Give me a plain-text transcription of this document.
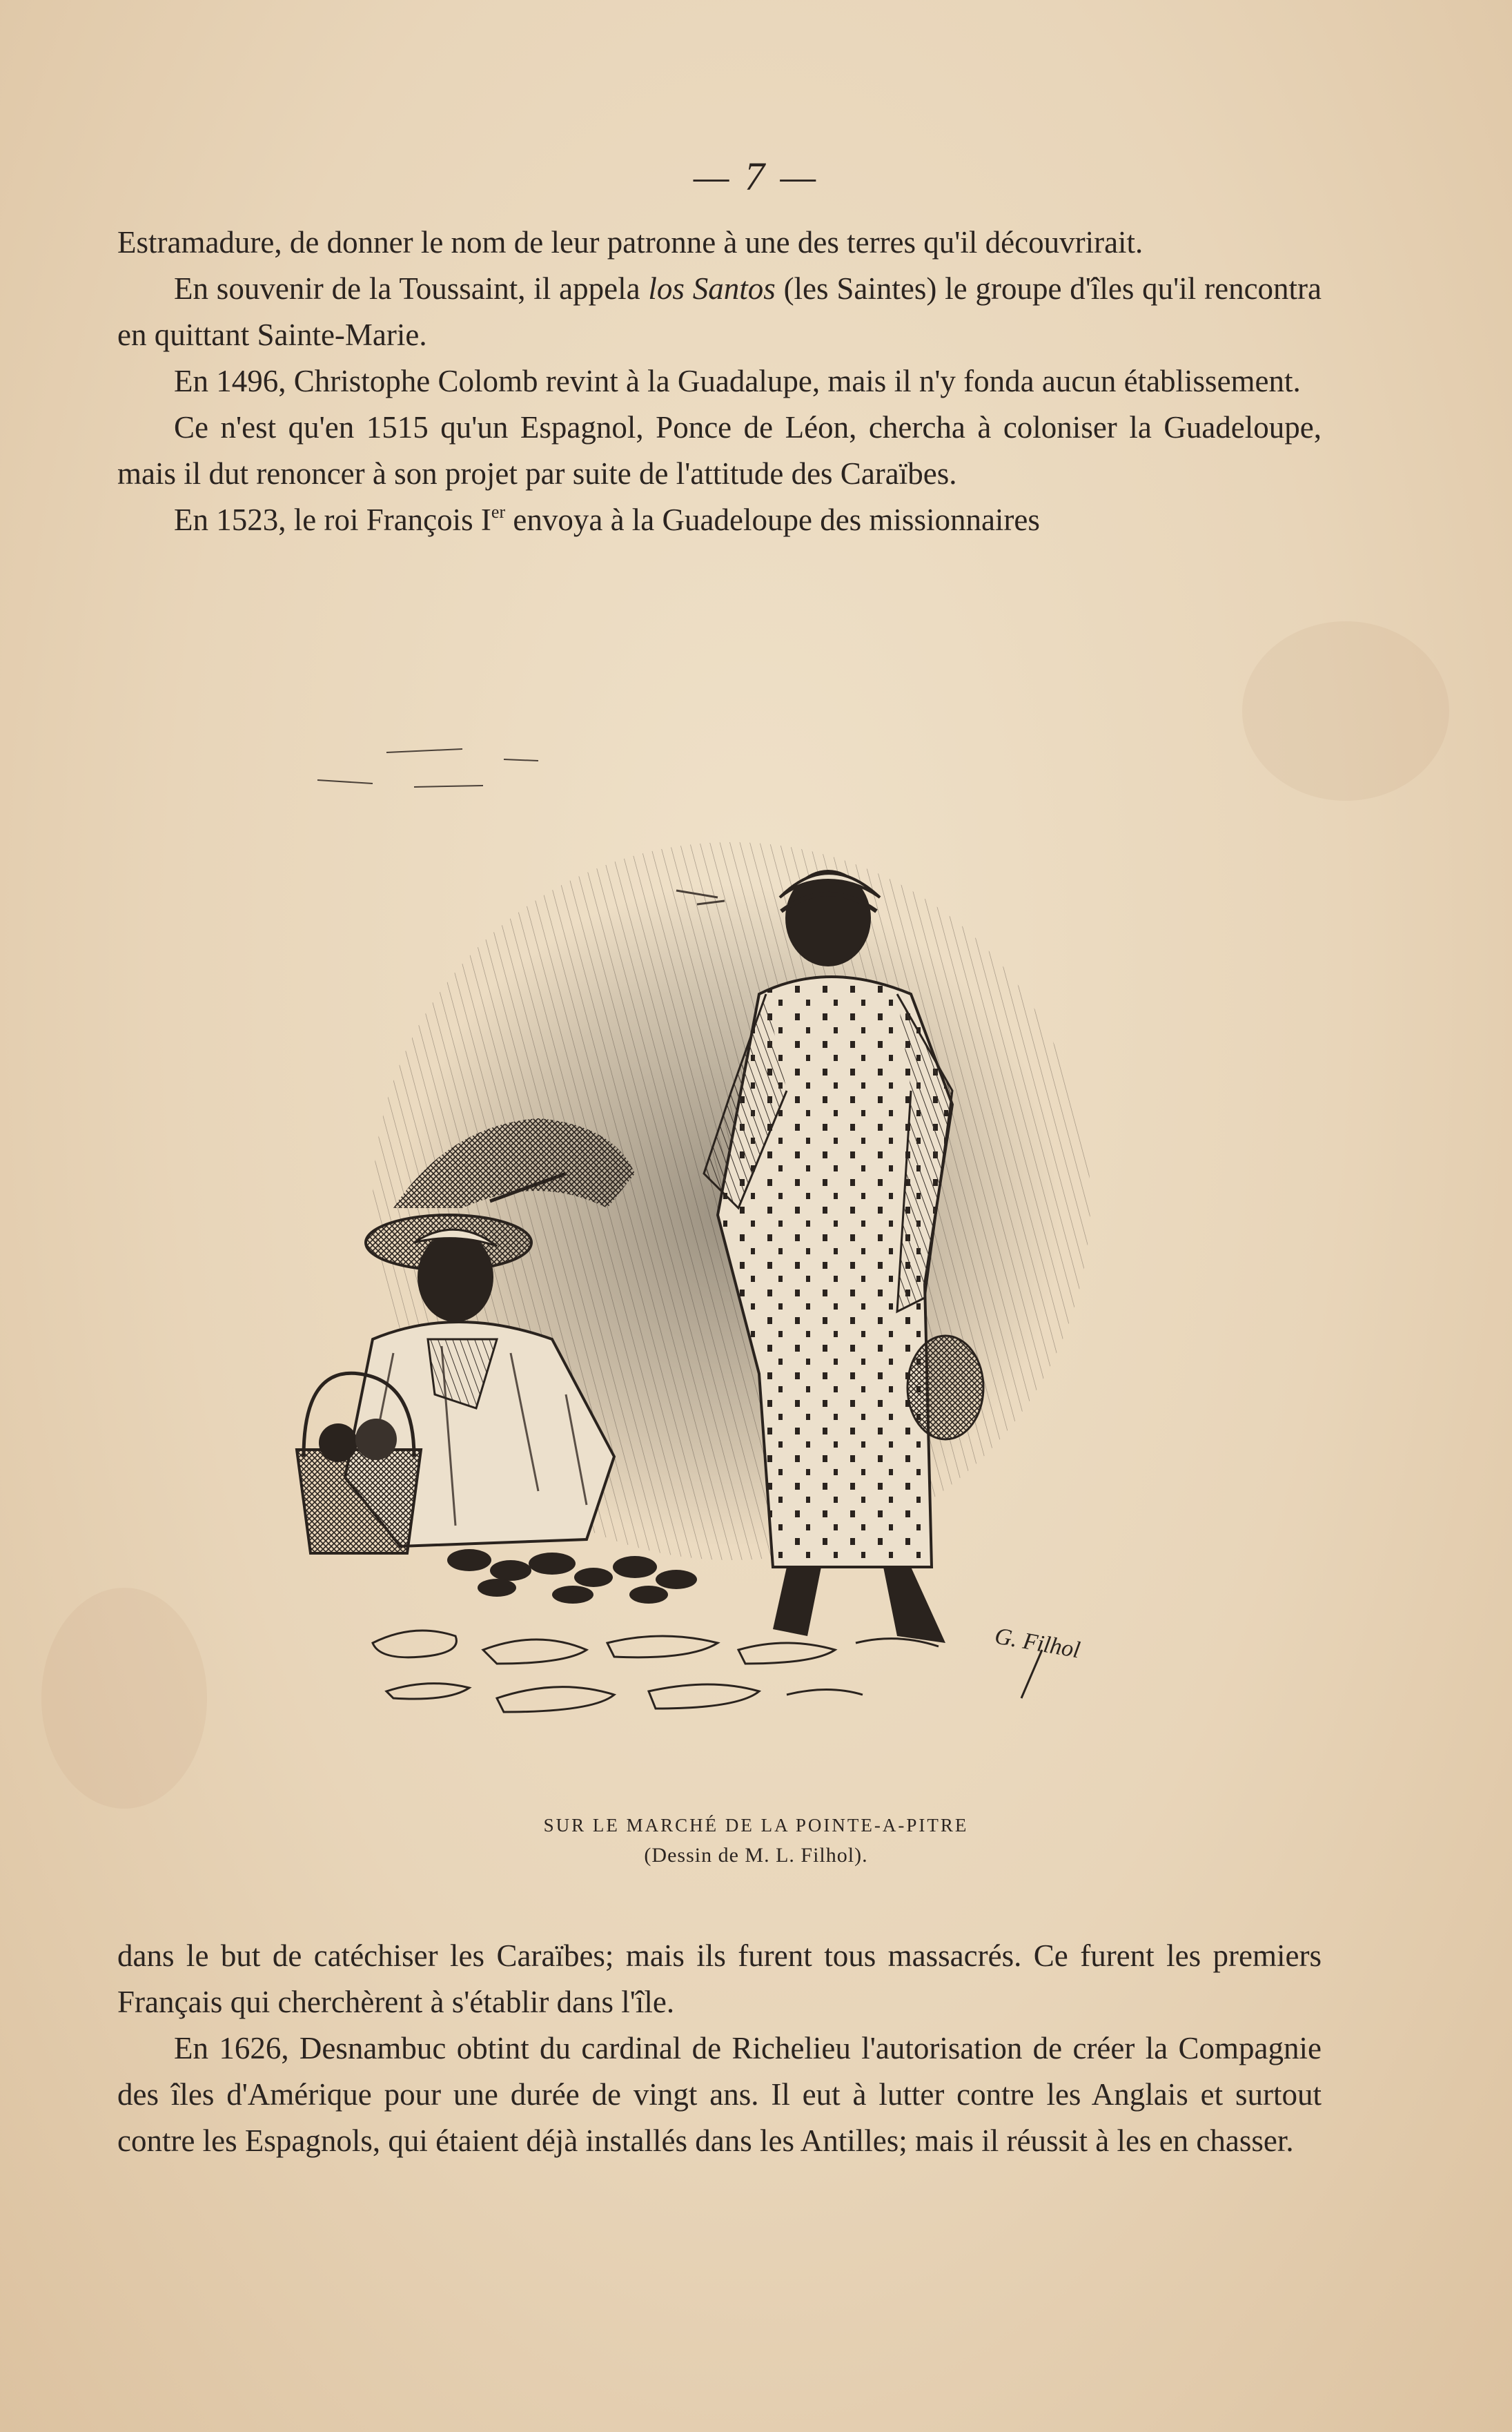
— 7 —

Estramadure, de donner le nom de leur patronne à une des terres qu'il découvrirait.

En souvenir de la Toussaint, il appela los Santos (les Saintes) le groupe d'îles qu'il rencontra en quittant Sainte-Marie.

En 1496, Christophe Colomb revint à la Guadalupe, mais il n'y fonda aucun établissement.

Ce n'est qu'en 1515 qu'un Espagnol, Ponce de Léon, chercha à coloniser la Guadeloupe, mais il dut renoncer à son projet par suite de l'attitude des Caraïbes.

En 1523, le roi François Ier envoya à la Guadeloupe des missionnaires

G. Filhol
SUR LE MARCHÉ DE LA POINTE-A-PITRE
(Dessin de M. L. Filhol).

dans le but de catéchiser les Caraïbes; mais ils furent tous massacrés. Ce furent les premiers Français qui cherchèrent à s'établir dans l'île.

En 1626, Desnambuc obtint du cardinal de Richelieu l'autorisation de créer la Compagnie des îles d'Amérique pour une durée de vingt ans. Il eut à lutter contre les Anglais et surtout contre les Espagnols, qui étaient déjà installés dans les Antilles; mais il réussit à les en chasser.
